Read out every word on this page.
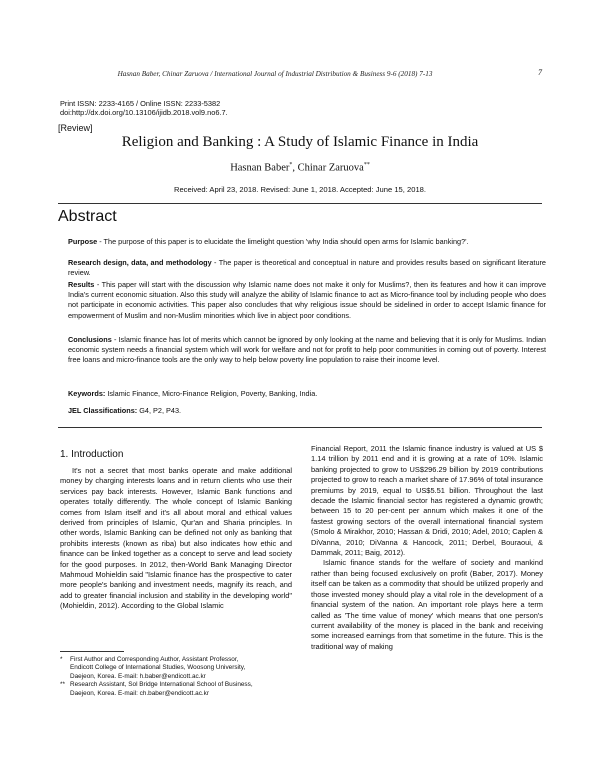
Hasnan Baber, Chinar Zaruova / International Journal of Industrial Distribution & Business 9-6 (2018) 7-13	7
Print ISSN: 2233-4165 / Online ISSN: 2233-5382
doi:http://dx.doi.org/10.13106/ijidb.2018.vol9.no6.7.
[Review]
Religion and Banking : A Study of Islamic Finance in India
Hasnan Baber*, Chinar Zaruova**
Received: April 23, 2018. Revised: June 1, 2018. Accepted: June 15, 2018.
Abstract
Purpose - The purpose of this paper is to elucidate the limelight question 'why India should open arms for Islamic banking?'.
Research design, data, and methodology - The paper is theoretical and conceptual in nature and provides results based on significant literature review.
Results - This paper will start with the discussion why Islamic name does not make it only for Muslims?, then its features and how it can improve India's current economic situation. Also this study will analyze the ability of Islamic finance to act as Micro-finance tool by including people who does not participate in economic activities. This paper also concludes that why religious issue should be sidelined in order to accept Islamic finance for empowerment of Muslim and non-Muslim minorities which live in abject poor conditions.
Conclusions - Islamic finance has lot of merits which cannot be ignored by only looking at the name and believing that it is only for Muslims. Indian economic system needs a financial system which will work for welfare and not for profit to help poor communities in coming out of poverty. Interest free loans and micro-finance tools are the only way to help below poverty line population to raise their income level.
Keywords: Islamic Finance, Micro-Finance Religion, Poverty, Banking, India.
JEL Classifications: G4, P2, P43.
1. Introduction

It's not a secret that most banks operate and make additional money by charging interests loans and in return clients who use their services pay back interests. However, Islamic Bank functions and operates totally differently. The whole concept of Islamic Banking comes from Islam itself and it's all about moral and ethical values derived from principles of Islamic, Qur'an and Sharia principles. In other words, Islamic Banking can be defined not only as banking that prohibits interests (known as riba) but also indicates how ethic and finance can be linked together as a concept to serve and lead society for the good purposes. In 2012, then-World Bank Managing Director Mahmoud Mohieldin said "Islamic finance has the prospective to cater more people's banking and investment needs, magnify its reach, and add to greater financial inclusion and stability in the developing world" (Mohieldin, 2012). According to the Global Islamic

Financial Report, 2011 the Islamic finance industry is valued at US $ 1.14 trillion by 2011 end and it is growing at a rate of 10%. Islamic banking projected to grow to US$296.29 billion by 2019 contributions projected to grow to reach a market share of 17.96% of total insurance premiums by 2019, equal to US$5.51 billion. Throughout the last decade the Islamic financial sector has registered a dynamic growth; between 15 to 20 per-cent per annum which makes it one of the fastest growing sectors of the overall international financial system (Smolo & Mirakhor, 2010; Hassan & Dridi, 2010; Adel, 2010; Caplen & DiVanna, 2010; DiVanna & Hancock, 2011; Derbel, Bouraoui, & Dammak, 2011; Baig, 2012).

Islamic finance stands for the welfare of society and mankind rather than being focused exclusively on profit (Baber, 2017). Money itself can be taken as a commodity that should be utilized properly and those invested money should play a vital role in the development of a financial system of the nation. An important role plays here a term called as 'The time value of money' which means that one person's current availability of the money is placed in the bank and receiving some increased earnings from that sometime in the future. This is the traditional way of making

*	First Author and Corresponding Author, Assistant Professor,
Endicott College of International Studies, Woosong University,
Daejeon, Korea. E-mail: h.baber@endicott.ac.kr
** Research Assistant, Sol Bridge International School of Business,
Daejeon, Korea. E-mail: ch.baber@endicott.ac.kr
